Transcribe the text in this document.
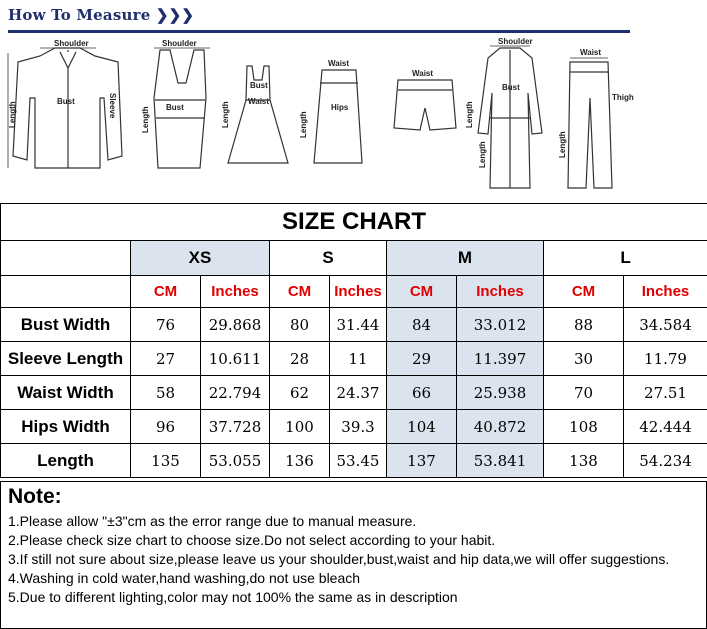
How To Measure ❯❯❯
Shoulder
Bust	Sleeve
Length
Shoulder
Bust
Length
Bust
Waist
Length
Waist
Hips
Length
Waist
Length
Shoulder
Bust
Length
Waist
Thigh
Length
SIZE CHART								
	XS		S		M		L	
	CM	Inches	CM	Inches	CM	Inches	CM	Inches
Bust Width	76	29.868	80	31.44	84	33.012	88	34.584
Sleeve Length	27	10.611	28	11	29	11.397	30	11.79
Waist Width	58	22.794	62	24.37	66	25.938	70	27.51
Hips Width	96	37.728	100	39.3	104	40.872	108	42.444
Length	135	53.055	136	53.45	137	53.841	138	54.234
Note:
1.Please allow "±3"cm as the error range due to manual measure.
2.Please check size chart to choose size.Do not select according to your habit.
3.If still not sure about size,please leave us your shoulder,bust,waist and hip data,we will offer suggestions.
4.Washing in cold water,hand washing,do not use bleach
5.Due to different lighting,color may not 100% the same as in description
